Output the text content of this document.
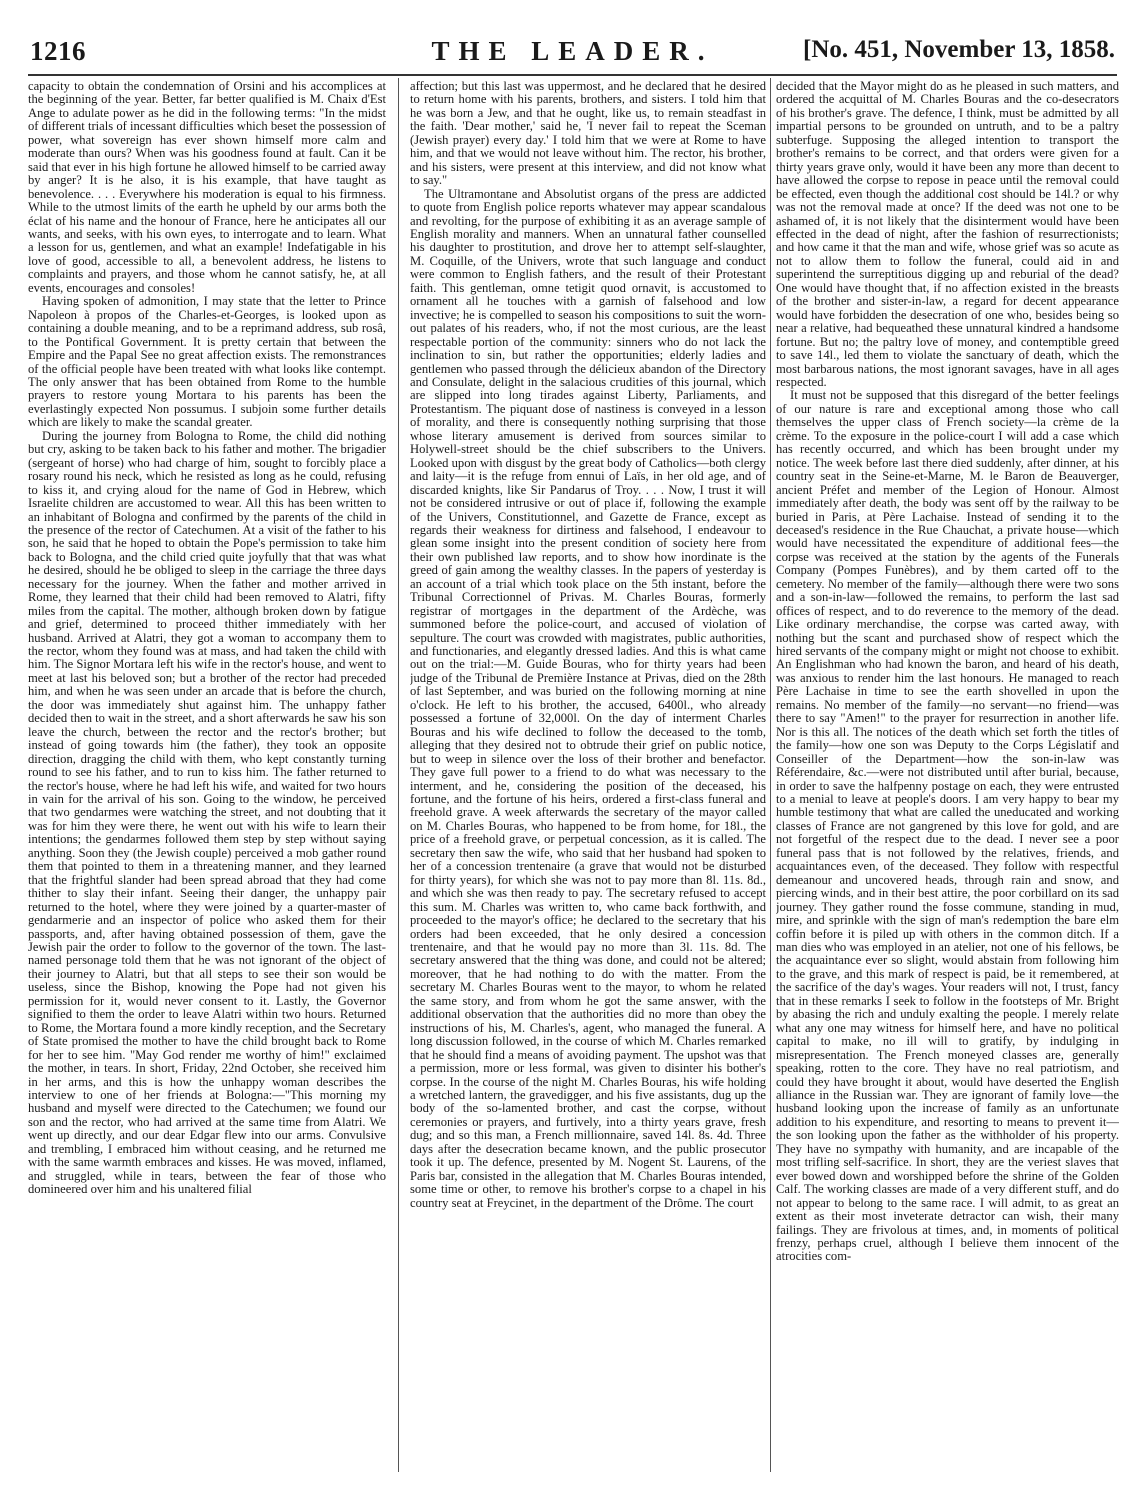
1216	THE LEADER.	[No. 451, November 13, 1858.

capacity to obtain the condemnation of Orsini and his accomplices at the beginning of the year. Better, far better qualified is M. Chaix d'Est Ange to adulate power as he did in the following terms: "In the midst of different trials of incessant difficulties which beset the possession of power, what sovereign has ever shown himself more calm and moderate than ours? When was his goodness found at fault. Can it be said that ever in his high fortune he allowed himself to be carried away by anger? It is he also, it is his example, that have taught as benevolence. . . . Everywhere his moderation is equal to his firmness. While to the utmost limits of the earth he upheld by our arms both the éclat of his name and the honour of France, here he anticipates all our wants, and seeks, with his own eyes, to interrogate and to learn. What a lesson for us, gentlemen, and what an example! Indefatigable in his love of good, accessible to all, a benevolent address, he listens to complaints and prayers, and those whom he cannot satisfy, he, at all events, encourages and consoles!

Having spoken of admonition, I may state that the letter to Prince Napoleon à propos of the Charles-et-Georges, is looked upon as containing a double meaning, and to be a reprimand address, sub rosâ, to the Pontifical Government. It is pretty certain that between the Empire and the Papal See no great affection exists. The remonstrances of the official people have been treated with what looks like contempt. The only answer that has been obtained from Rome to the humble prayers to restore young Mortara to his parents has been the everlastingly expected Non possumus. I subjoin some further details which are likely to make the scandal greater.

During the journey from Bologna to Rome, the child did nothing but cry, asking to be taken back to his father and mother. The brigadier (sergeant of horse) who had charge of him, sought to forcibly place a rosary round his neck, which he resisted as long as he could, refusing to kiss it, and crying aloud for the name of God in Hebrew, which Israelite children are accustomed to wear. All this has been written to an inhabitant of Bologna and confirmed by the parents of the child in the presence of the rector of Catechumen. At a visit of the father to his son, he said that he hoped to obtain the Pope's permission to take him back to Bologna, and the child cried quite joyfully that that was what he desired, should he be obliged to sleep in the carriage the three days necessary for the journey. When the father and mother arrived in Rome, they learned that their child had been removed to Alatri, fifty miles from the capital. The mother, although broken down by fatigue and grief, determined to proceed thither immediately with her husband. Arrived at Alatri, they got a woman to accompany them to the rector, whom they found was at mass, and had taken the child with him. The Signor Mortara left his wife in the rector's house, and went to meet at last his beloved son; but a brother of the rector had preceded him, and when he was seen under an arcade that is before the church, the door was immediately shut against him. The unhappy father decided then to wait in the street, and a short afterwards he saw his son leave the church, between the rector and the rector's brother; but instead of going towards him (the father), they took an opposite direction, dragging the child with them, who kept constantly turning round to see his father, and to run to kiss him. The father returned to the rector's house, where he had left his wife, and waited for two hours in vain for the arrival of his son. Going to the window, he perceived that two gendarmes were watching the street, and not doubting that it was for him they were there, he went out with his wife to learn their intentions; the gendarmes followed them step by step without saying anything. Soon they (the Jewish couple) perceived a mob gather round them that pointed to them in a threatening manner, and they learned that the frightful slander had been spread abroad that they had come thither to slay their infant. Seeing their danger, the unhappy pair returned to the hotel, where they were joined by a quarter-master of gendarmerie and an inspector of police who asked them for their passports, and, after having obtained possession of them, gave the Jewish pair the order to follow to the governor of the town. The last-named personage told them that he was not ignorant of the object of their journey to Alatri, but that all steps to see their son would be useless, since the Bishop, knowing the Pope had not given his permission for it, would never consent to it. Lastly, the Governor signified to them the order to leave Alatri within two hours. Returned to Rome, the Mortara found a more kindly reception, and the Secretary of State promised the mother to have the child brought back to Rome for her to see him. "May God render me worthy of him!" exclaimed the mother, in tears. In short, Friday, 22nd October, she received him in her arms, and this is how the unhappy woman describes the interview to one of her friends at Bologna:—"This morning my husband and myself were directed to the Catechumen; we found our son and the rector, who had arrived at the same time from Alatri. We went up directly, and our dear Edgar flew into our arms. Convulsive and trembling, I embraced him without ceasing, and he returned me with the same warmth embraces and kisses. He was moved, inflamed, and struggled, while in tears, between the fear of those who domineered over him and his unaltered filial

affection; but this last was uppermost, and he declared that he desired to return home with his parents, brothers, and sisters. I told him that he was born a Jew, and that he ought, like us, to remain steadfast in the faith. 'Dear mother,' said he, 'I never fail to repeat the Sceman (Jewish prayer) every day.' I told him that we were at Rome to have him, and that we would not leave without him. The rector, his brother, and his sisters, were present at this interview, and did not know what to say."

The Ultramontane and Absolutist organs of the press are addicted to quote from English police reports whatever may appear scandalous and revolting, for the purpose of exhibiting it as an average sample of English morality and manners. When an unnatural father counselled his daughter to prostitution, and drove her to attempt self-slaughter, M. Coquille, of the Univers, wrote that such language and conduct were common to English fathers, and the result of their Protestant faith. This gentleman, omne tetigit quod ornavit, is accustomed to ornament all he touches with a garnish of falsehood and low invective; he is compelled to season his compositions to suit the worn-out palates of his readers, who, if not the most curious, are the least respectable portion of the community: sinners who do not lack the inclination to sin, but rather the opportunities; elderly ladies and gentlemen who passed through the délicieux abandon of the Directory and Consulate, delight in the salacious crudities of this journal, which are slipped into long tirades against Liberty, Parliaments, and Protestantism. The piquant dose of nastiness is conveyed in a lesson of morality, and there is consequently nothing surprising that those whose literary amusement is derived from sources similar to Holywell-street should be the chief subscribers to the Univers. Looked upon with disgust by the great body of Catholics—both clergy and laity—it is the refuge from ennui of Laïs, in her old age, and of discarded knights, like Sir Pandarus of Troy. . . . Now, I trust it will not be considered intrusive or out of place if, following the example of the Univers, Constitutionnel, and Gazette de France, except as regards their weakness for dirtiness and falsehood, I endeavour to glean some insight into the present condition of society here from their own published law reports, and to show how inordinate is the greed of gain among the wealthy classes. In the papers of yesterday is an account of a trial which took place on the 5th instant, before the Tribunal Correctionnel of Privas. M. Charles Bouras, formerly registrar of mortgages in the department of the Ardèche, was summoned before the police-court, and accused of violation of sepulture. The court was crowded with magistrates, public authorities, and functionaries, and elegantly dressed ladies. And this is what came out on the trial:—M. Guide Bouras, who for thirty years had been judge of the Tribunal de Première Instance at Privas, died on the 28th of last September, and was buried on the following morning at nine o'clock. He left to his brother, the accused, 6400l., who already possessed a fortune of 32,000l. On the day of interment Charles Bouras and his wife declined to follow the deceased to the tomb, alleging that they desired not to obtrude their grief on public notice, but to weep in silence over the loss of their brother and benefactor. They gave full power to a friend to do what was necessary to the interment, and he, considering the position of the deceased, his fortune, and the fortune of his heirs, ordered a first-class funeral and freehold grave. A week afterwards the secretary of the mayor called on M. Charles Bouras, who happened to be from home, for 18l., the price of a freehold grave, or perpetual concession, as it is called. The secretary then saw the wife, who said that her husband had spoken to her of a concession trentenaire (a grave that would not be disturbed for thirty years), for which she was not to pay more than 8l. 11s. 8d., and which she was then ready to pay. The secretary refused to accept this sum. M. Charles was written to, who came back forthwith, and proceeded to the mayor's office; he declared to the secretary that his orders had been exceeded, that he only desired a concession trentenaire, and that he would pay no more than 3l. 11s. 8d. The secretary answered that the thing was done, and could not be altered; moreover, that he had nothing to do with the matter. From the secretary M. Charles Bouras went to the mayor, to whom he related the same story, and from whom he got the same answer, with the additional observation that the authorities did no more than obey the instructions of his, M. Charles's, agent, who managed the funeral. A long discussion followed, in the course of which M. Charles remarked that he should find a means of avoiding payment. The upshot was that a permission, more or less formal, was given to disinter his bother's corpse. In the course of the night M. Charles Bouras, his wife holding a wretched lantern, the gravedigger, and his five assistants, dug up the body of the so-lamented brother, and cast the corpse, without ceremonies or prayers, and furtively, into a thirty years grave, fresh dug; and so this man, a French millionnaire, saved 14l. 8s. 4d. Three days after the desecration became known, and the public prosecutor took it up. The defence, presented by M. Nogent St. Laurens, of the Paris bar, consisted in the allegation that M. Charles Bouras intended, some time or other, to remove his brother's corpse to a chapel in his country seat at Freycinet, in the department of the Drôme. The court

decided that the Mayor might do as he pleased in such matters, and ordered the acquittal of M. Charles Bouras and the co-desecrators of his brother's grave. The defence, I think, must be admitted by all impartial persons to be grounded on untruth, and to be a paltry subterfuge. Supposing the alleged intention to transport the brother's remains to be correct, and that orders were given for a thirty years grave only, would it have been any more than decent to have allowed the corpse to repose in peace until the removal could be effected, even though the additional cost should be 14l.? or why was not the removal made at once? If the deed was not one to be ashamed of, it is not likely that the disinterment would have been effected in the dead of night, after the fashion of resurrectionists; and how came it that the man and wife, whose grief was so acute as not to allow them to follow the funeral, could aid in and superintend the surreptitious digging up and reburial of the dead? One would have thought that, if no affection existed in the breasts of the brother and sister-in-law, a regard for decent appearance would have forbidden the desecration of one who, besides being so near a relative, had bequeathed these unnatural kindred a handsome fortune. But no; the paltry love of money, and contemptible greed to save 14l., led them to violate the sanctuary of death, which the most barbarous nations, the most ignorant savages, have in all ages respected.

It must not be supposed that this disregard of the better feelings of our nature is rare and exceptional among those who call themselves the upper class of French society—la crème de la crème. To the exposure in the police-court I will add a case which has recently occurred, and which has been brought under my notice. The week before last there died suddenly, after dinner, at his country seat in the Seine-et-Marne, M. le Baron de Beauverger, ancient Préfet and member of the Legion of Honour. Almost immediately after death, the body was sent off by the railway to be buried in Paris, at Père Lachaise. Instead of sending it to the deceased's residence in the Rue Chauchat, a private house—which would have necessitated the expenditure of additional fees—the corpse was received at the station by the agents of the Funerals Company (Pompes Funèbres), and by them carted off to the cemetery. No member of the family—although there were two sons and a son-in-law—followed the remains, to perform the last sad offices of respect, and to do reverence to the memory of the dead. Like ordinary merchandise, the corpse was carted away, with nothing but the scant and purchased show of respect which the hired servants of the company might or might not choose to exhibit. An Englishman who had known the baron, and heard of his death, was anxious to render him the last honours. He managed to reach Père Lachaise in time to see the earth shovelled in upon the remains. No member of the family—no servant—no friend—was there to say "Amen!" to the prayer for resurrection in another life. Nor is this all. The notices of the death which set forth the titles of the family—how one son was Deputy to the Corps Législatif and Conseiller of the Department—how the son-in-law was Référendaire, &c.—were not distributed until after burial, because, in order to save the halfpenny postage on each, they were entrusted to a menial to leave at people's doors. I am very happy to bear my humble testimony that what are called the uneducated and working classes of France are not gangrened by this love for gold, and are not forgetful of the respect due to the dead. I never see a poor funeral pass that is not followed by the relatives, friends, and acquaintances even, of the deceased. They follow with respectful demeanour and uncovered heads, through rain and snow, and piercing winds, and in their best attire, the poor corbillard on its sad journey. They gather round the fosse commune, standing in mud, mire, and sprinkle with the sign of man's redemption the bare elm coffin before it is piled up with others in the common ditch. If a man dies who was employed in an atelier, not one of his fellows, be the acquaintance ever so slight, would abstain from following him to the grave, and this mark of respect is paid, be it remembered, at the sacrifice of the day's wages. Your readers will not, I trust, fancy that in these remarks I seek to follow in the footsteps of Mr. Bright by abasing the rich and unduly exalting the people. I merely relate what any one may witness for himself here, and have no political capital to make, no ill will to gratify, by indulging in misrepresentation. The French moneyed classes are, generally speaking, rotten to the core. They have no real patriotism, and could they have brought it about, would have deserted the English alliance in the Russian war. They are ignorant of family love—the husband looking upon the increase of family as an unfortunate addition to his expenditure, and resorting to means to prevent it—the son looking upon the father as the withholder of his property. They have no sympathy with humanity, and are incapable of the most trifling self-sacrifice. In short, they are the veriest slaves that ever bowed down and worshipped before the shrine of the Golden Calf. The working classes are made of a very different stuff, and do not appear to belong to the same race. I will admit, to as great an extent as their most inveterate detractor can wish, their many failings. They are frivolous at times, and, in moments of political frenzy, perhaps cruel, although I believe them innocent of the atrocities com-
